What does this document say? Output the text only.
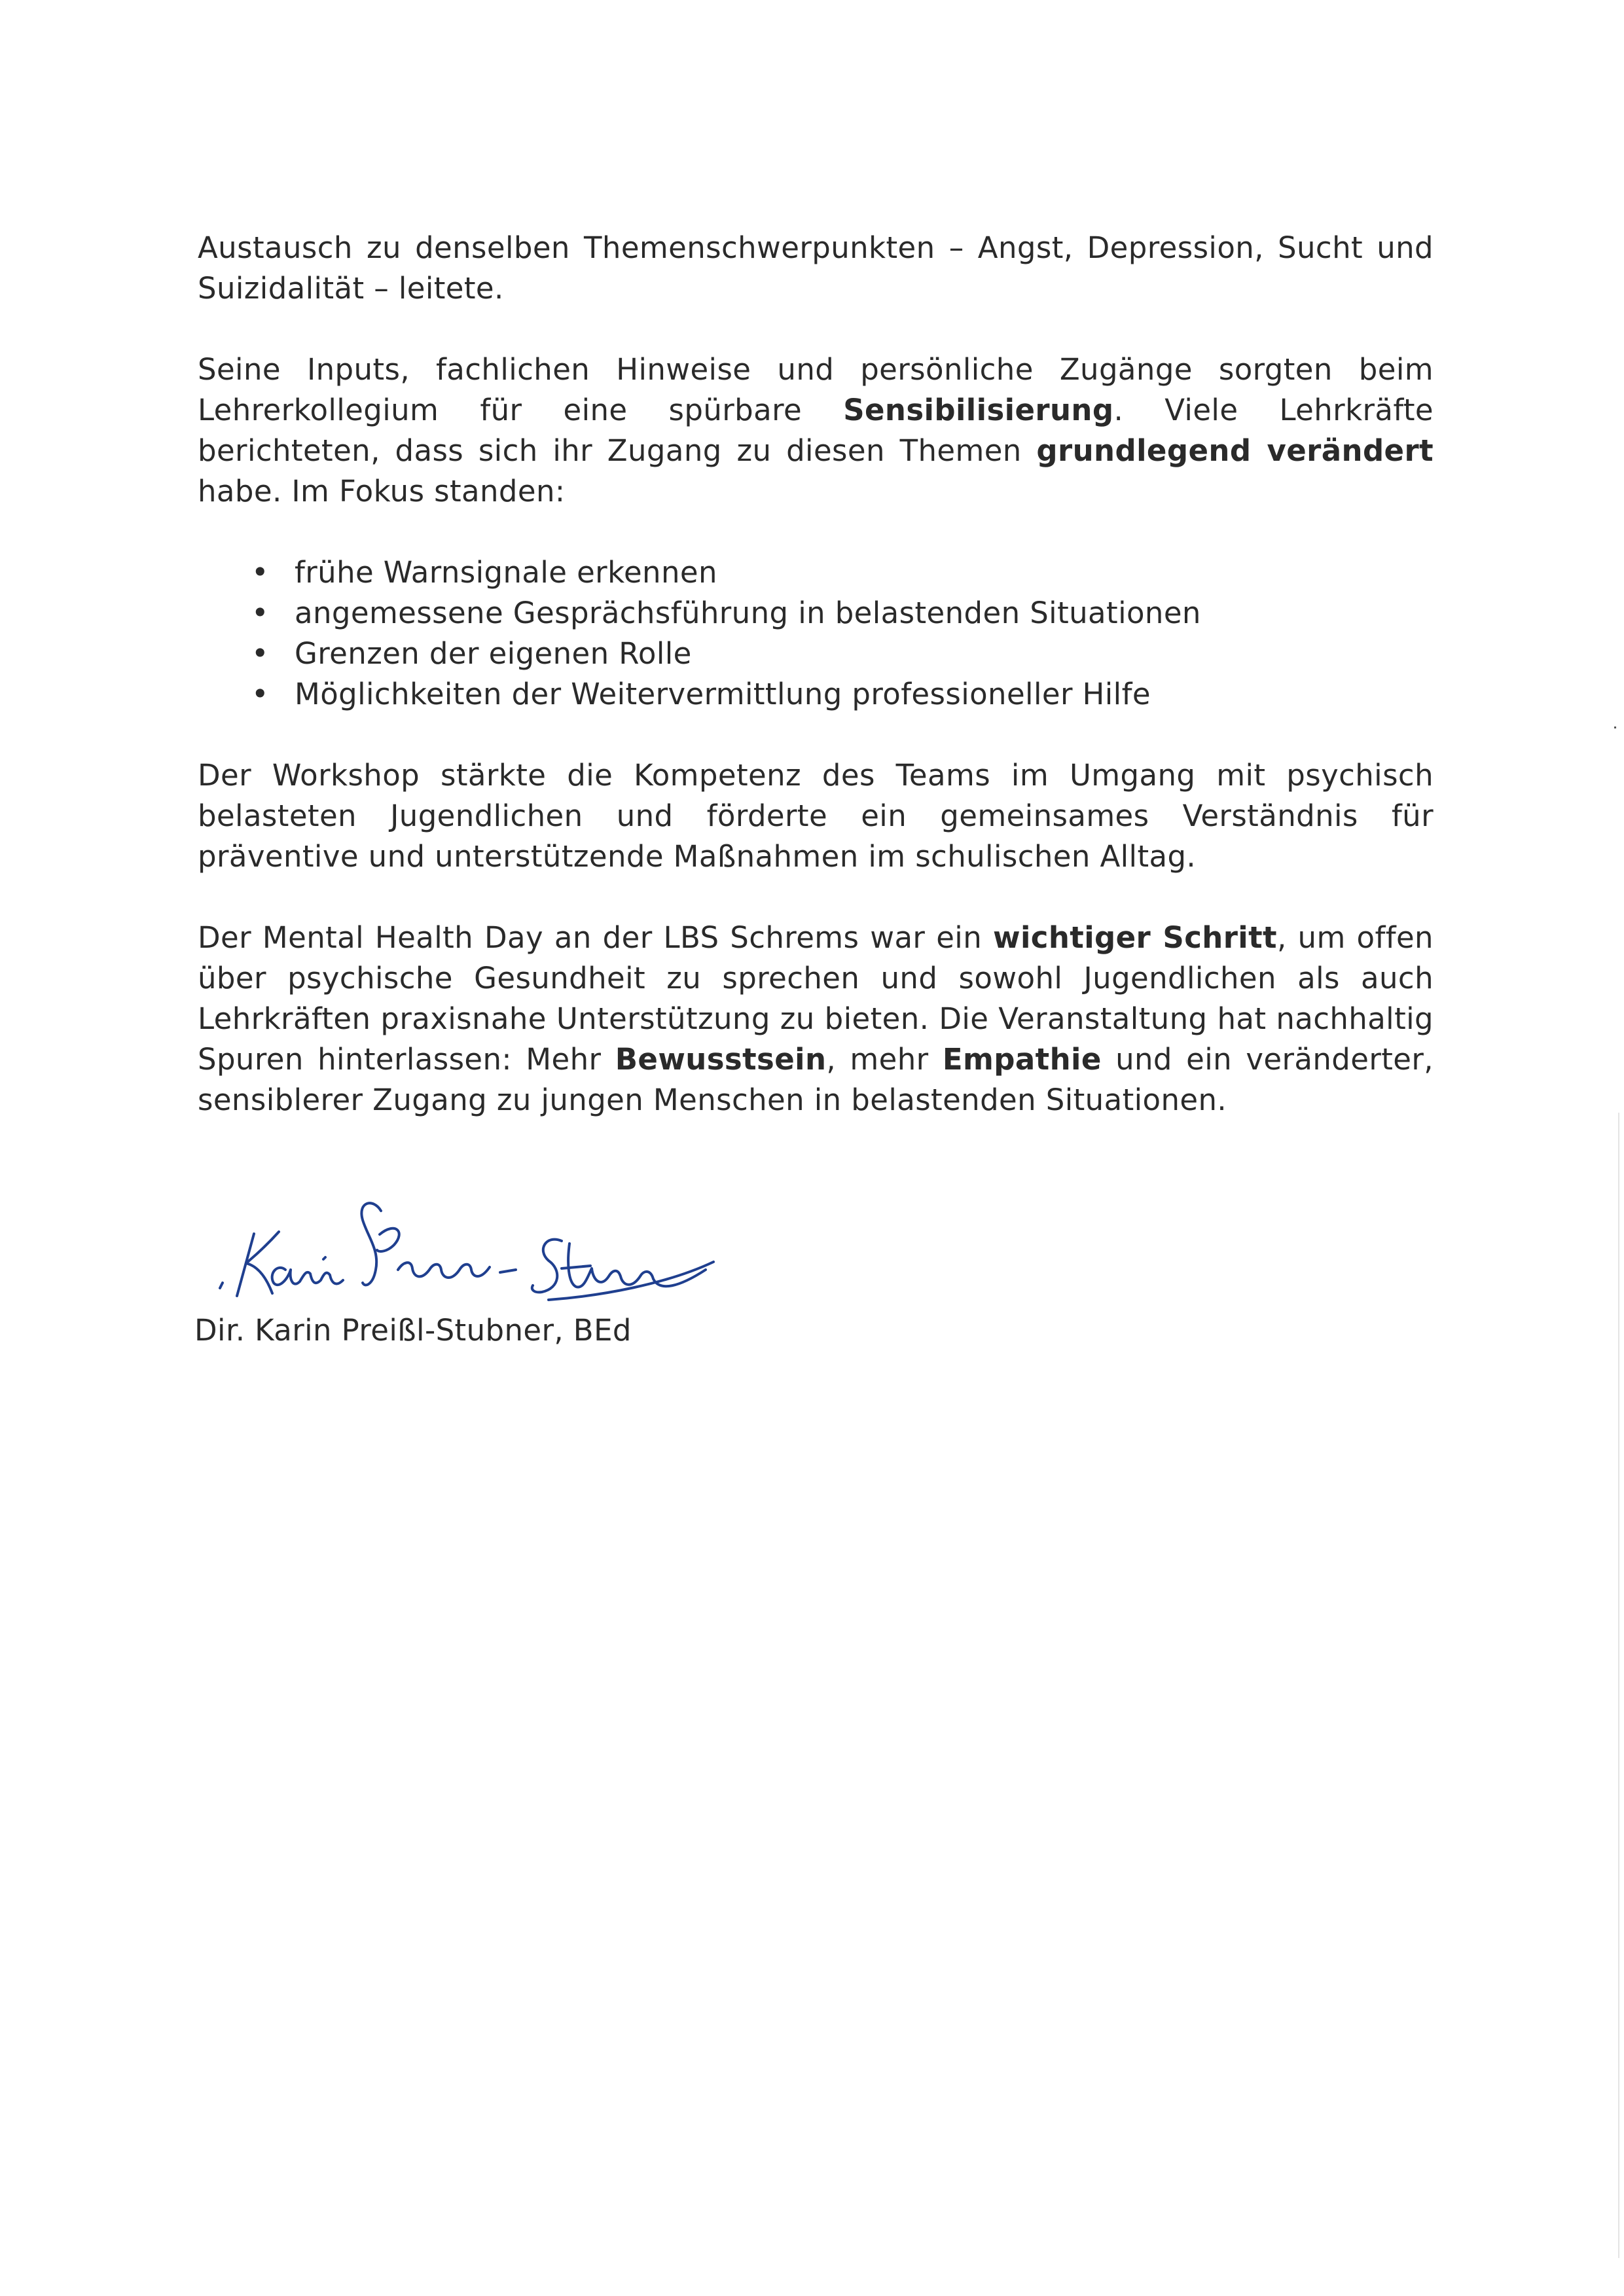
Austausch zu denselben Themenschwerpunkten – Angst, Depression, Sucht und Suizidalität – leitete.

Seine Inputs, fachlichen Hinweise und persönliche Zugänge sorgten beim Lehrerkollegium für eine spürbare Sensibilisierung. Viele Lehrkräfte berichteten, dass sich ihr Zugang zu diesen Themen grundlegend verändert habe. Im Fokus standen:

• frühe Warnsignale erkennen
• angemessene Gesprächsführung in belastenden Situationen
• Grenzen der eigenen Rolle
• Möglichkeiten der Weitervermittlung professioneller Hilfe

Der Workshop stärkte die Kompetenz des Teams im Umgang mit psychisch belasteten Jugendlichen und förderte ein gemeinsames Verständnis für präventive und unterstützende Maßnahmen im schulischen Alltag.

Der Mental Health Day an der LBS Schrems war ein wichtiger Schritt, um offen über psychische Gesundheit zu sprechen und sowohl Jugendlichen als auch Lehrkräften praxisnahe Unterstützung zu bieten. Die Veranstaltung hat nachhaltig Spuren hinterlassen: Mehr Bewusstsein, mehr Empathie und ein veränderter, sensiblerer Zugang zu jungen Menschen in belastenden Situationen.

Dir. Karin Preißl-Stubner, BEd
